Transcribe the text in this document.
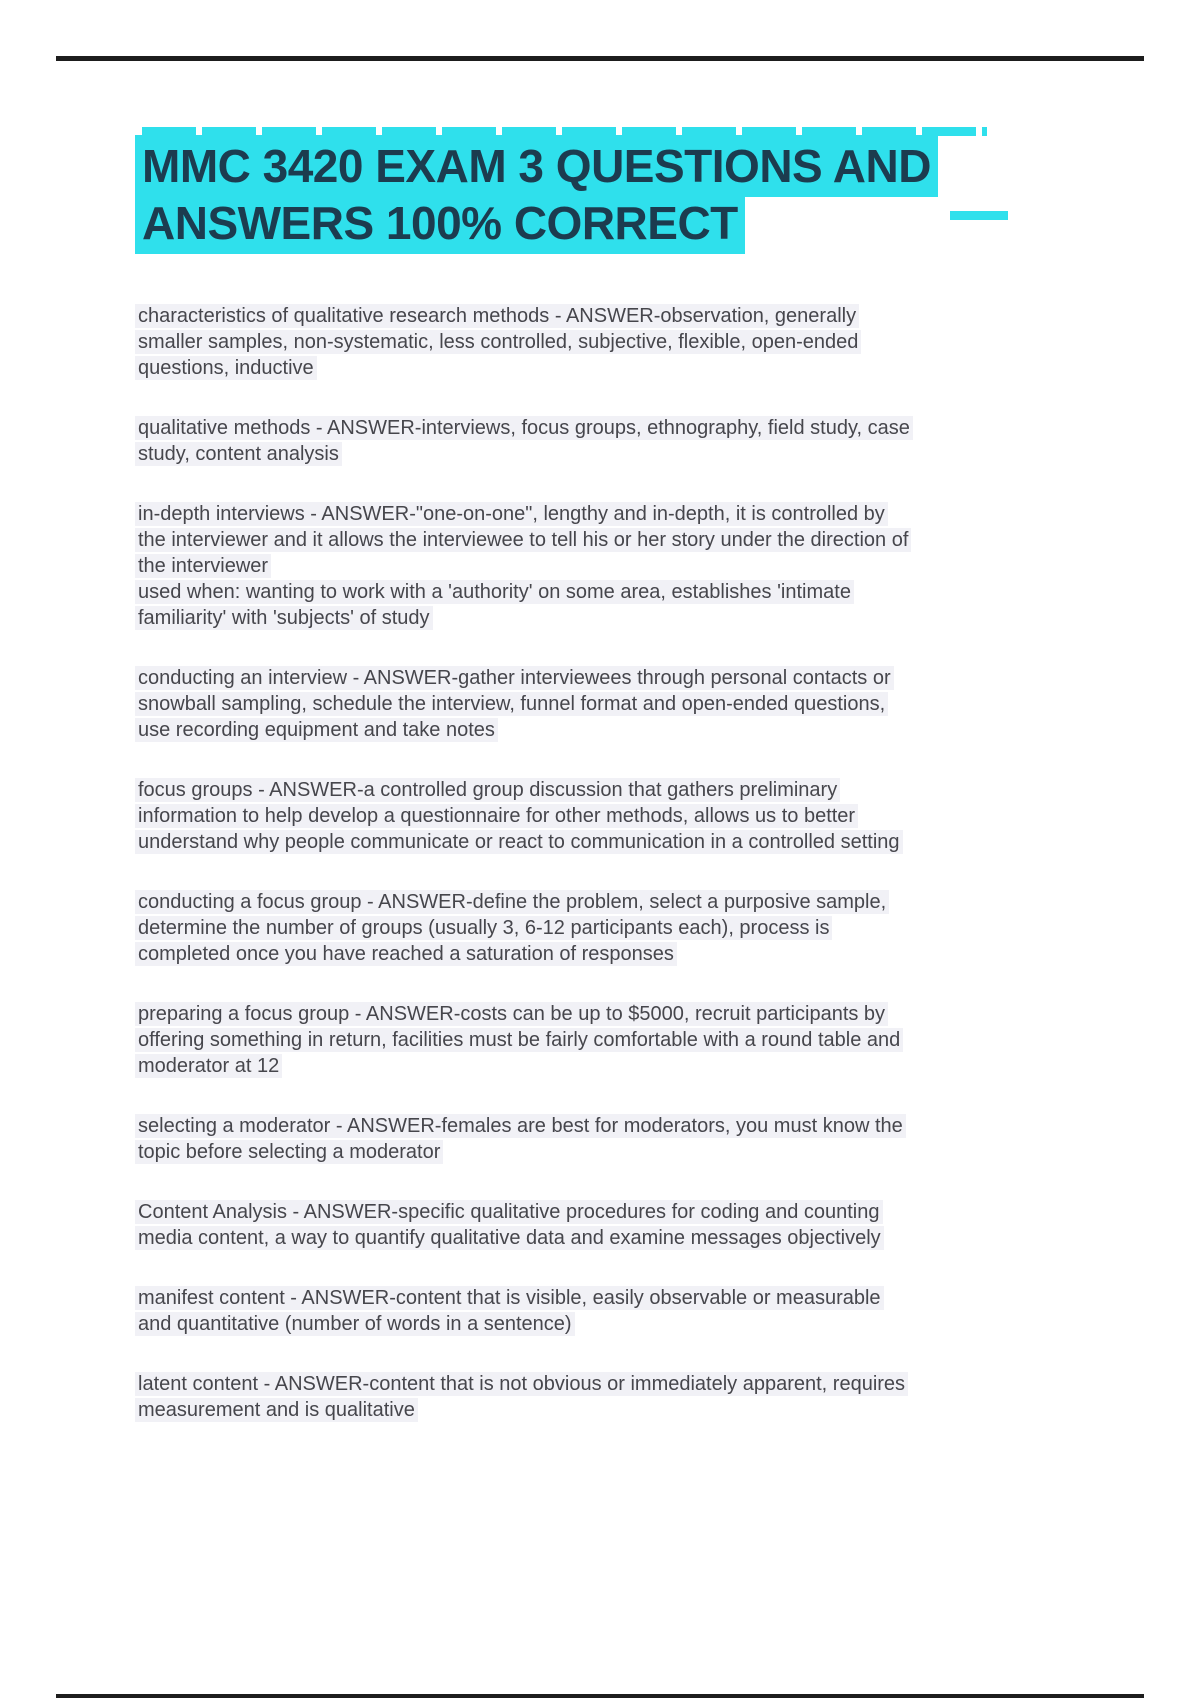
MMC 3420 EXAM 3 QUESTIONS AND
ANSWERS 100% CORRECT

characteristics of qualitative research methods - ANSWER-observation, generally
smaller samples, non-systematic, less controlled, subjective, flexible, open-ended
questions, inductive

qualitative methods - ANSWER-interviews, focus groups, ethnography, field study, case
study, content analysis

in-depth interviews - ANSWER-"one-on-one", lengthy and in-depth, it is controlled by
the interviewer and it allows the interviewee to tell his or her story under the direction of
the interviewer
used when: wanting to work with a 'authority' on some area, establishes 'intimate
familiarity' with 'subjects' of study

conducting an interview - ANSWER-gather interviewees through personal contacts or
snowball sampling, schedule the interview, funnel format and open-ended questions,
use recording equipment and take notes

focus groups - ANSWER-a controlled group discussion that gathers preliminary
information to help develop a questionnaire for other methods, allows us to better
understand why people communicate or react to communication in a controlled setting

conducting a focus group - ANSWER-define the problem, select a purposive sample,
determine the number of groups (usually 3, 6-12 participants each), process is
completed once you have reached a saturation of responses

preparing a focus group - ANSWER-costs can be up to $5000, recruit participants by
offering something in return, facilities must be fairly comfortable with a round table and
moderator at 12

selecting a moderator - ANSWER-females are best for moderators, you must know the
topic before selecting a moderator

Content Analysis - ANSWER-specific qualitative procedures for coding and counting
media content, a way to quantify qualitative data and examine messages objectively

manifest content - ANSWER-content that is visible, easily observable or measurable
and quantitative (number of words in a sentence)

latent content - ANSWER-content that is not obvious or immediately apparent, requires
measurement and is qualitative
